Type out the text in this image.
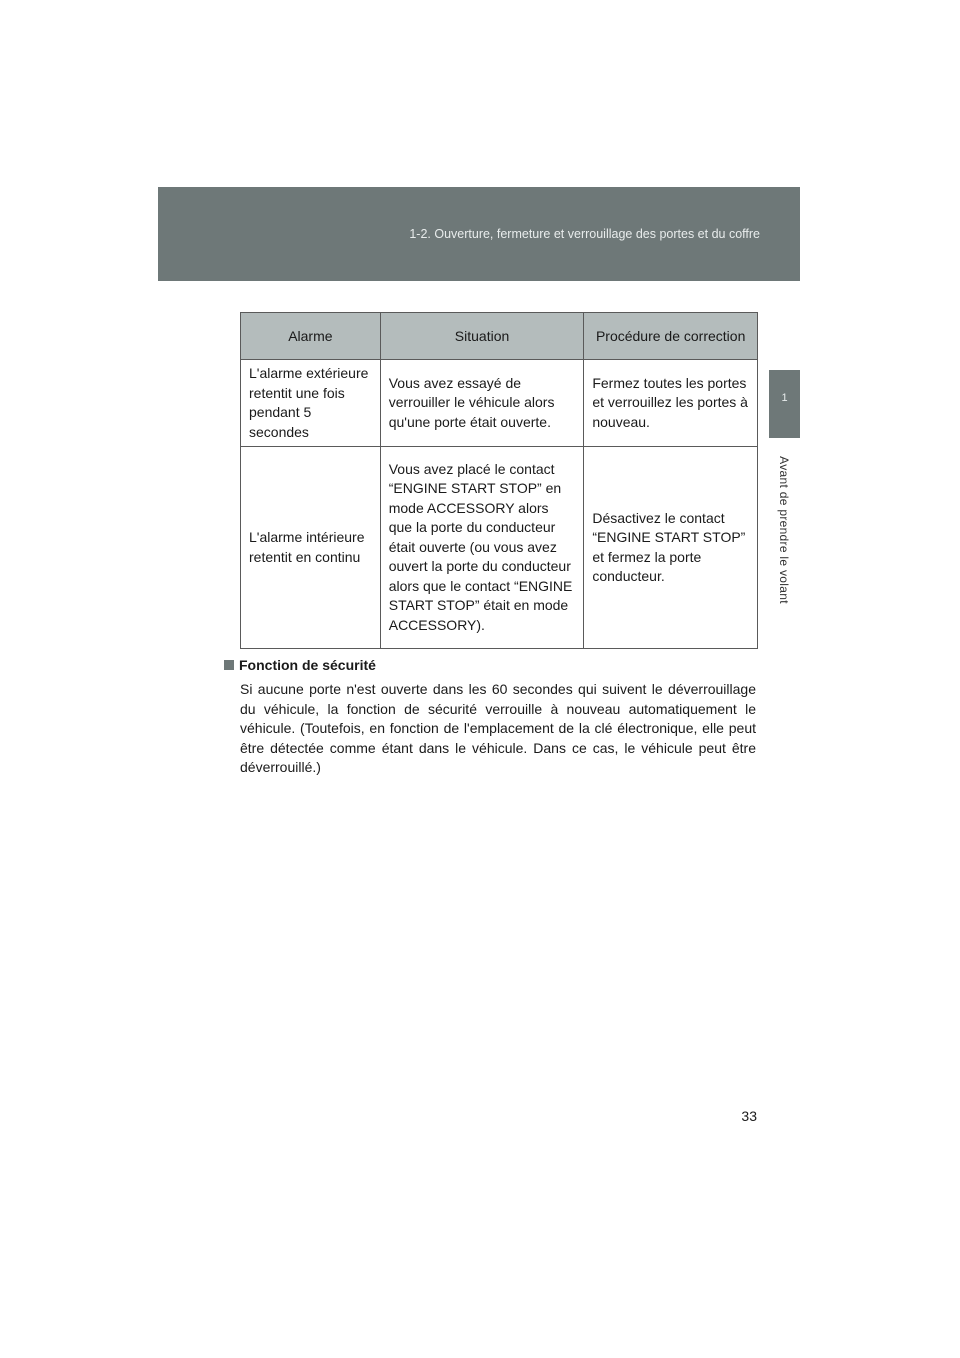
1-2. Ouverture, fermeture et verrouillage des portes et du coffre
1
Avant de prendre le volant
Alarme	Situation	Procédure de correction
L'alarme extérieure retentit une fois pendant 5 secondes	Vous avez essayé de verrouiller le véhicule alors qu'une porte était ouverte.	Fermez toutes les portes et verrouillez les portes à nouveau.
L'alarme intérieure retentit en continu	Vous avez placé le contact “ENGINE START STOP” en mode ACCESSORY alors que la porte du conducteur était ouverte (ou vous avez ouvert la porte du conducteur alors que le contact “ENGINE START STOP” était en mode ACCESSORY).	Désactivez le contact “ENGINE START STOP” et fermez la porte conducteur.
Fonction de sécurité
Si aucune porte n'est ouverte dans les 60 secondes qui suivent le déverrouillage du véhicule, la fonction de sécurité verrouille à nouveau automatiquement le véhicule. (Toutefois, en fonction de l'emplacement de la clé électronique, elle peut être détectée comme étant dans le véhicule. Dans ce cas, le véhicule peut être déverrouillé.)
33
